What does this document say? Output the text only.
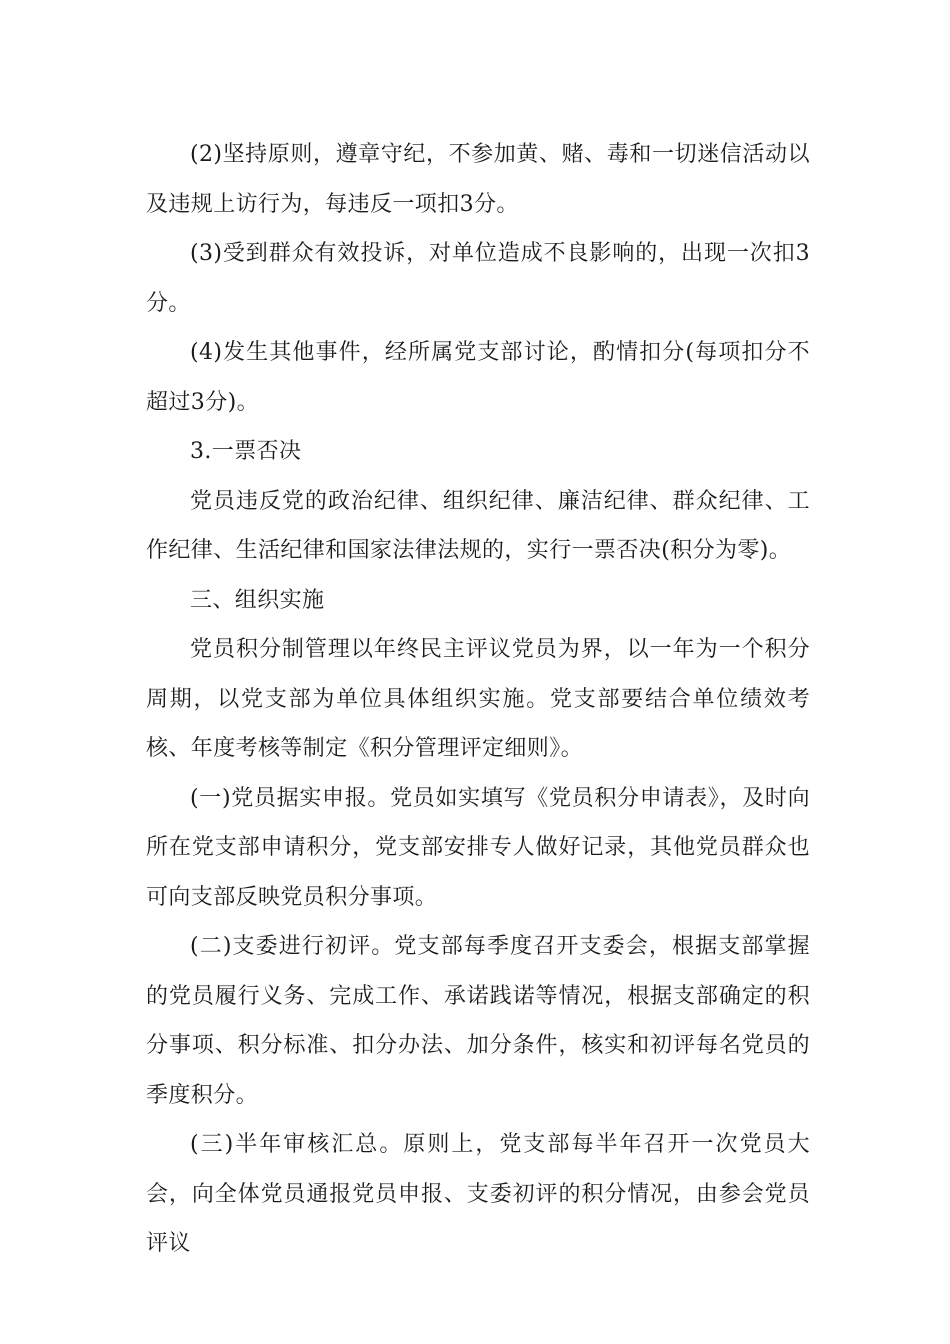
(2)坚持原则，遵章守纪，不参加黄、赌、毒和一切迷信活动以及违规上访行为，每违反一项扣3分。

(3)受到群众有效投诉，对单位造成不良影响的，出现一次扣3分。

(4)发生其他事件，经所属党支部讨论，酌情扣分(每项扣分不超过3分)。

3.一票否决

党员违反党的政治纪律、组织纪律、廉洁纪律、群众纪律、工作纪律、生活纪律和国家法律法规的，实行一票否决(积分为零)。

三、组织实施

党员积分制管理以年终民主评议党员为界，以一年为一个积分周期，以党支部为单位具体组织实施。党支部要结合单位绩效考核、年度考核等制定《积分管理评定细则》。

(一)党员据实申报。党员如实填写《党员积分申请表》，及时向所在党支部申请积分，党支部安排专人做好记录，其他党员群众也可向支部反映党员积分事项。

(二)支委进行初评。党支部每季度召开支委会，根据支部掌握的党员履行义务、完成工作、承诺践诺等情况，根据支部确定的积分事项、积分标准、扣分办法、加分条件，核实和初评每名党员的季度积分。

(三)半年审核汇总。原则上，党支部每半年召开一次党员大会，向全体党员通报党员申报、支委初评的积分情况，由参会党员评议
